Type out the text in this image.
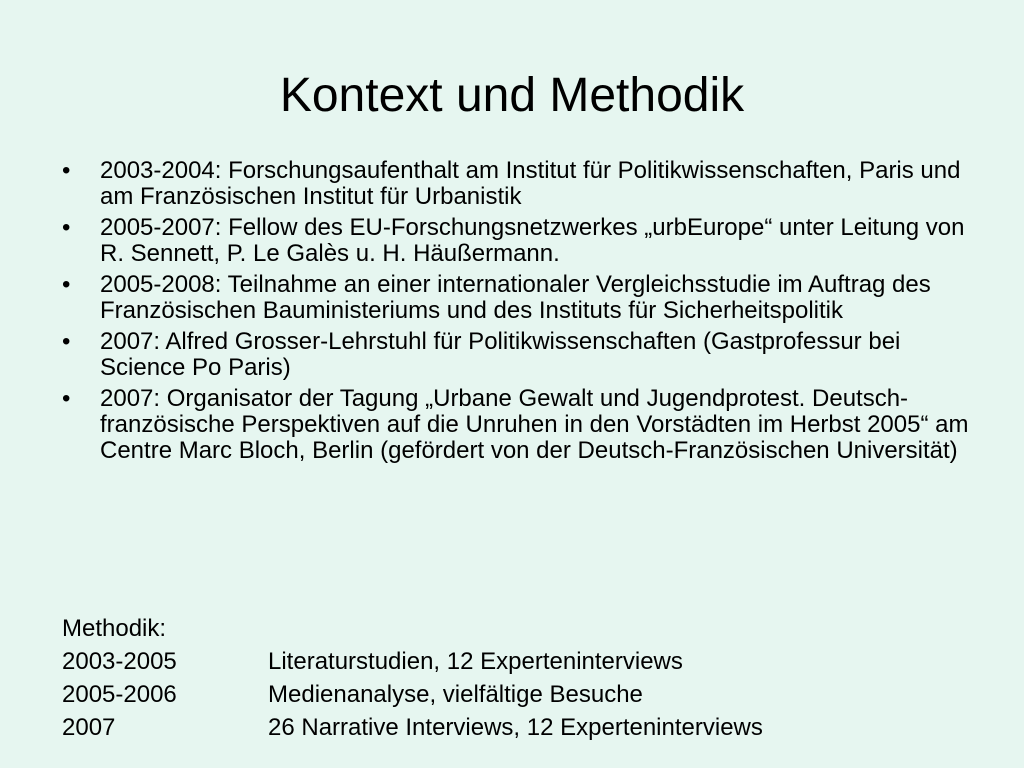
Kontext und Methodik
•	2003-2004: Forschungsaufenthalt am Institut für Politikwissenschaften, Paris und am Französischen Institut für Urbanistik
•	2005-2007: Fellow des EU-Forschungsnetzwerkes „urbEurope“ unter Leitung von R. Sennett, P. Le Galès u. H. Häußermann.
•	2005-2008: Teilnahme an einer internationaler Vergleichsstudie im Auftrag des Französischen Bauministeriums und des Instituts für Sicherheitspolitik
•	2007: Alfred Grosser-Lehrstuhl für Politikwissenschaften (Gastprofessur bei Science Po Paris)
•	2007: Organisator der Tagung „Urbane Gewalt und Jugendprotest. Deutsch-französische Perspektiven auf die Unruhen in den Vorstädten im Herbst 2005“ am Centre Marc Bloch, Berlin (gefördert von der Deutsch-Französischen Universität)
Methodik:
2003-2005	Literaturstudien, 12 Experteninterviews
2005-2006	Medienanalyse, vielfältige Besuche
2007	26 Narrative Interviews, 12 Experteninterviews
